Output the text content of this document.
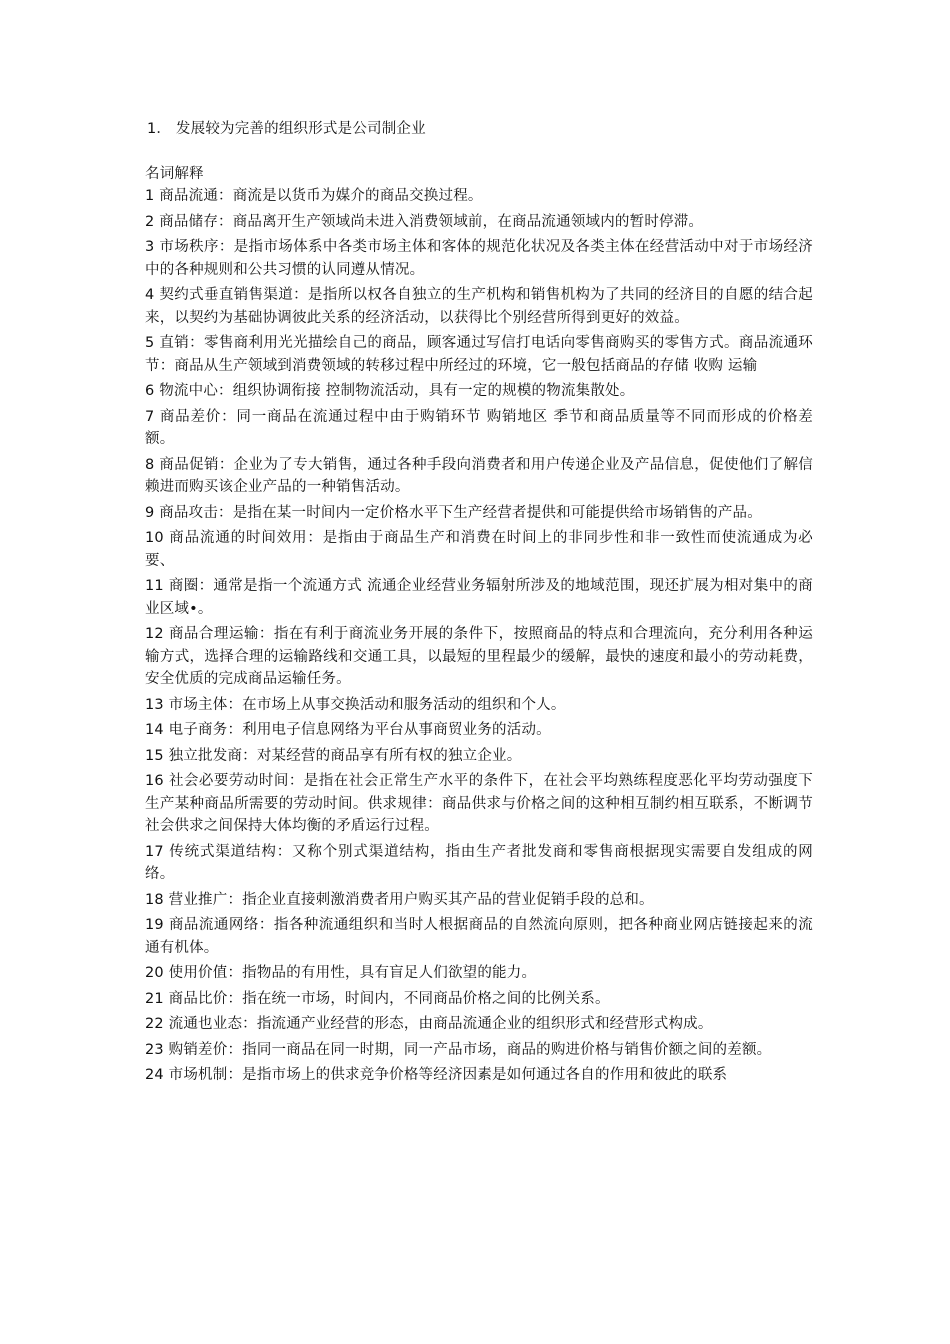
1． 发展较为完善的组织形式是公司制企业
名词解释
1 商品流通：商流是以货币为媒介的商品交换过程。
2 商品储存：商品离开生产领域尚未进入消费领域前，在商品流通领域内的暂时停滞。
3 市场秩序：是指市场体系中各类市场主体和客体的规范化状况及各类主体在经营活动中对于市场经济中的各种规则和公共习惯的认同遵从情况。
4 契约式垂直销售渠道：是指所以权各自独立的生产机构和销售机构为了共同的经济目的自愿的结合起来，以契约为基础协调彼此关系的经济活动，以获得比个别经营所得到更好的效益。
5 直销：零售商利用光光描绘自己的商品，顾客通过写信打电话向零售商购买的零售方式。商品流通环节：商品从生产领域到消费领域的转移过程中所经过的环境，它一般包括商品的存储 收购 运输
6 物流中心：组织协调衔接 控制物流活动，具有一定的规模的物流集散处。
7 商品差价：同一商品在流通过程中由于购销环节 购销地区 季节和商品质量等不同而形成的价格差额。
8 商品促销：企业为了专大销售，通过各种手段向消费者和用户传递企业及产品信息，促使他们了解信赖进而购买该企业产品的一种销售活动。
9 商品攻击：是指在某一时间内一定价格水平下生产经营者提供和可能提供给市场销售的产品。
10 商品流通的时间效用：是指由于商品生产和消费在时间上的非同步性和非一致性而使流通成为必要、
11 商圈：通常是指一个流通方式 流通企业经营业务辐射所涉及的地域范围，现还扩展为相对集中的商业区域•。
12 商品合理运输：指在有利于商流业务开展的条件下，按照商品的特点和合理流向，充分利用各种运输方式，选择合理的运输路线和交通工具，以最短的里程最少的缓解，最快的速度和最小的劳动耗费，安全优质的完成商品运输任务。
13 市场主体：在市场上从事交换活动和服务活动的组织和个人。
14 电子商务：利用电子信息网络为平台从事商贸业务的活动。
15 独立批发商：对某经营的商品享有所有权的独立企业。
16 社会必要劳动时间：是指在社会正常生产水平的条件下，在社会平均熟练程度恶化平均劳动强度下生产某种商品所需要的劳动时间。供求规律：商品供求与价格之间的这种相互制约相互联系，不断调节社会供求之间保持大体均衡的矛盾运行过程。
17 传统式渠道结构：又称个别式渠道结构，指由生产者批发商和零售商根据现实需要自发组成的网络。
18 营业推广：指企业直接刺激消费者用户购买其产品的营业促销手段的总和。
19 商品流通网络：指各种流通组织和当时人根据商品的自然流向原则，把各种商业网店链接起来的流通有机体。
20 使用价值：指物品的有用性，具有盲足人们欲望的能力。
21 商品比价：指在统一市场，时间内，不同商品价格之间的比例关系。
22 流通也业态：指流通产业经营的形态，由商品流通企业的组织形式和经营形式构成。
23 购销差价：指同一商品在同一时期，同一产品市场，商品的购进价格与销售价额之间的差额。
24 市场机制：是指市场上的供求竞争价格等经济因素是如何通过各自的作用和彼此的联系
